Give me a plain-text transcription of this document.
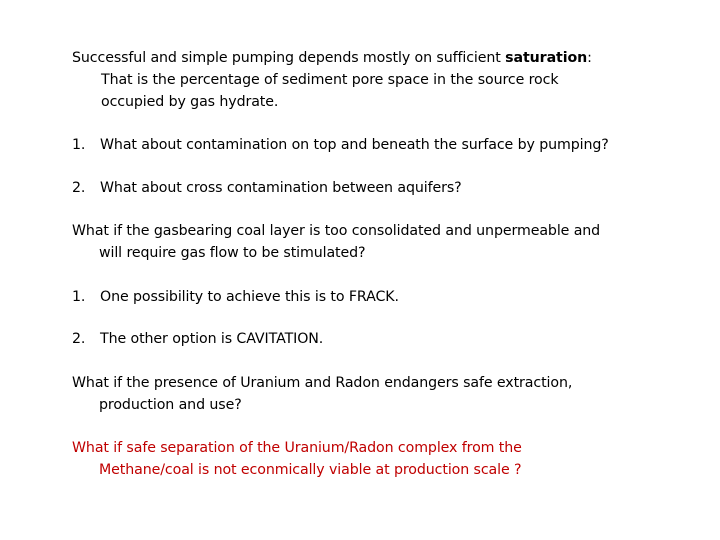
Successful and simple pumping depends mostly on sufficient saturation:
That is the percentage of sediment pore space in the source rock
occupied by gas hydrate.
1. What about contamination on top and beneath the surface by pumping?
2. What about cross contamination between aquifers?
What if the gasbearing coal layer is too consolidated and unpermeable and
will require gas flow to be stimulated?
1. One possibility to achieve this is to FRACK.
2. The other option is CAVITATION.
What if the presence of Uranium and Radon endangers safe extraction,
production and use?
What if safe separation of the Uranium/Radon complex from the
Methane/coal is not econmically viable at production scale ?
